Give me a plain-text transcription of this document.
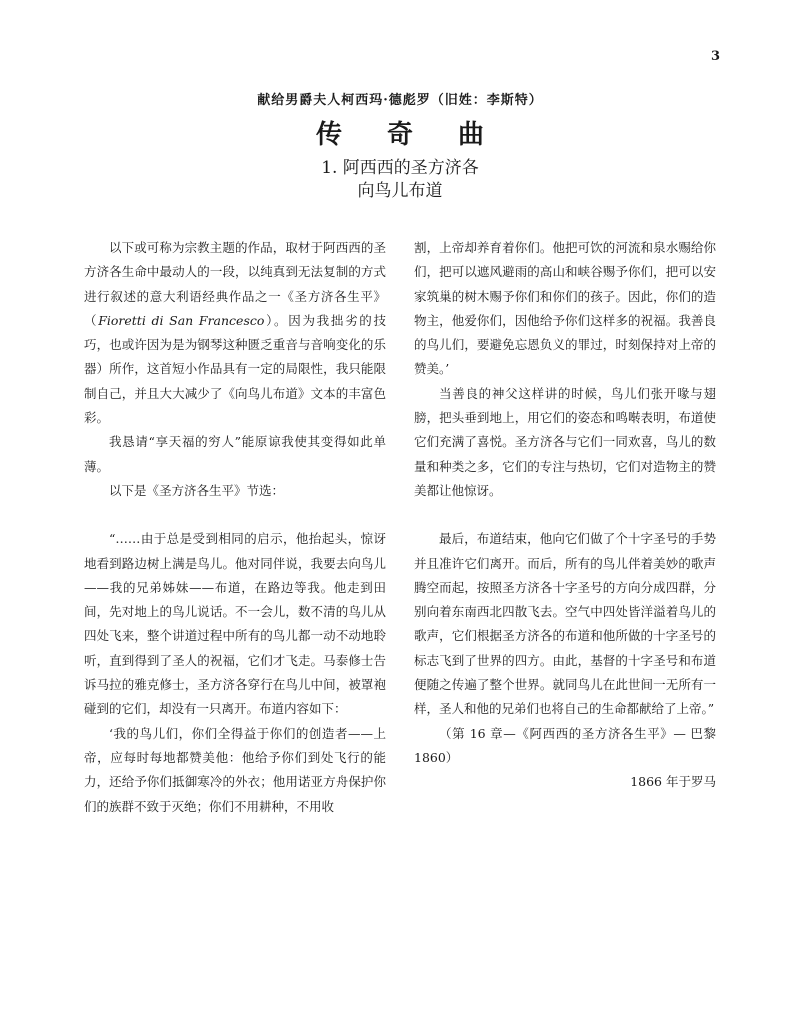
3
献给男爵夫人柯西玛·德彪罗（旧姓：李斯特）
传 奇 曲
1. 阿西西的圣方济各
向鸟儿布道

以下或可称为宗教主题的作品，取材于阿西西的圣方济各生命中最动人的一段，以纯真到无法复制的方式进行叙述的意大利语经典作品之一《圣方济各生平》（Fioretti di San Francesco）。因为我拙劣的技巧，也或许因为是为钢琴这种匮乏重音与音响变化的乐器）所作，这首短小作品具有一定的局限性，我只能限制自己，并且大大减少了《向鸟儿布道》文本的丰富色彩。

我恳请“享天福的穷人”能原谅我使其变得如此单薄。

以下是《圣方济各生平》节选：

“……由于总是受到相同的启示，他抬起头，惊讶地看到路边树上满是鸟儿。他对同伴说，我要去向鸟儿——我的兄弟姊妹——布道，在路边等我。他走到田间，先对地上的鸟儿说话。不一会儿，数不清的鸟儿从四处飞来，整个讲道过程中所有的鸟儿都一动不动地聆听，直到得到了圣人的祝福，它们才飞走。马泰修士告诉马拉的雅克修士，圣方济各穿行在鸟儿中间，被罩袍碰到的它们，却没有一只离开。布道内容如下：

‘我的鸟儿们，你们全得益于你们的创造者——上帝，应每时每地都赞美他：他给予你们到处飞行的能力，还给予你们抵御寒冷的外衣；他用诺亚方舟保护你们的族群不致于灭绝；你们不用耕种，不用收

割，上帝却养育着你们。他把可饮的河流和泉水赐给你们，把可以遮风避雨的高山和峡谷赐予你们，把可以安家筑巢的树木赐予你们和你们的孩子。因此，你们的造物主，他爱你们，因他给予你们这样多的祝福。我善良的鸟儿们，要避免忘恩负义的罪过，时刻保持对上帝的赞美。’

当善良的神父这样讲的时候，鸟儿们张开喙与翅膀，把头垂到地上，用它们的姿态和鸣啭表明，布道使它们充满了喜悦。圣方济各与它们一同欢喜，鸟儿的数量和种类之多，它们的专注与热切，它们对造物主的赞美都让他惊讶。

最后，布道结束，他向它们做了个十字圣号的手势并且准许它们离开。而后，所有的鸟儿伴着美妙的歌声腾空而起，按照圣方济各十字圣号的方向分成四群，分别向着东南西北四散飞去。空气中四处皆洋溢着鸟儿的歌声，它们根据圣方济各的布道和他所做的十字圣号的标志飞到了世界的四方。由此，基督的十字圣号和布道便随之传遍了整个世界。就同鸟儿在此世间一无所有一样，圣人和他的兄弟们也将自己的生命都献给了上帝。”

（第 16 章—《阿西西的圣方济各生平》— 巴黎 1860）

1866 年于罗马
